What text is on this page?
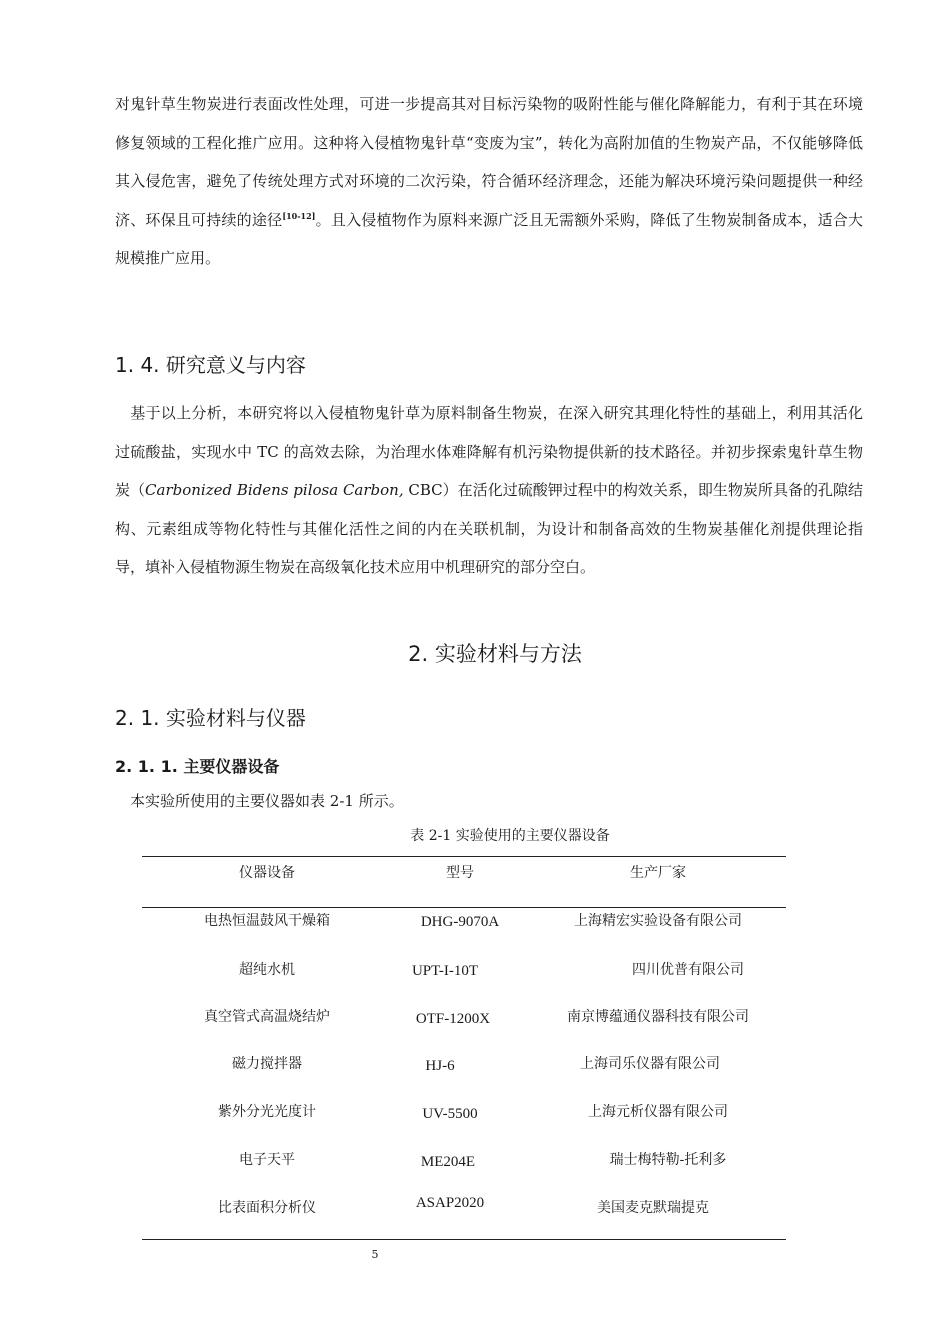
对鬼针草生物炭进行表面改性处理，可进一步提高其对目标污染物的吸附性能与催化降解能力，有利于其在环境修复领域的工程化推广应用。这种将入侵植物鬼针草“变废为宝”，转化为高附加值的生物炭产品，不仅能够降低其入侵危害，避免了传统处理方式对环境的二次污染，符合循环经济理念，还能为解决环境污染问题提供一种经济、环保且可持续的途径[10-12]。且入侵植物作为原料来源广泛且无需额外采购，降低了生物炭制备成本，适合大规模推广应用。

1. 4. 研究意义与内容

　基于以上分析，本研究将以入侵植物鬼针草为原料制备生物炭，在深入研究其理化特性的基础上，利用其活化过硫酸盐，实现水中 TC 的高效去除，为治理水体难降解有机污染物提供新的技术路径。并初步探索鬼针草生物炭（Carbonized Bidens pilosa Carbon, CBC）在活化过硫酸钾过程中的构效关系，即生物炭所具备的孔隙结构、元素组成等物化特性与其催化活性之间的内在关联机制，为设计和制备高效的生物炭基催化剂提供理论指导，填补入侵植物源生物炭在高级氧化技术应用中机理研究的部分空白。

2. 实验材料与方法
2. 1. 实验材料与仪器
2. 1. 1. 主要仪器设备
本实验所使用的主要仪器如表 2-1 所示。
表 2-1 实验使用的主要仪器设备
仪器设备	型号	生产厂家
电热恒温鼓风干燥箱	DHG-9070A	上海精宏实验设备有限公司
超纯水机	UPT-I-10T	四川优普有限公司
真空管式高温烧结炉	OTF-1200X	南京博蕴通仪器科技有限公司
磁力搅拌器	HJ-6	上海司乐仪器有限公司
紫外分光光度计	UV-5500	上海元析仪器有限公司
电子天平	ME204E	瑞士梅特勒-托利多
比表面积分析仪	ASAP2020	美国麦克默瑞提克
5
